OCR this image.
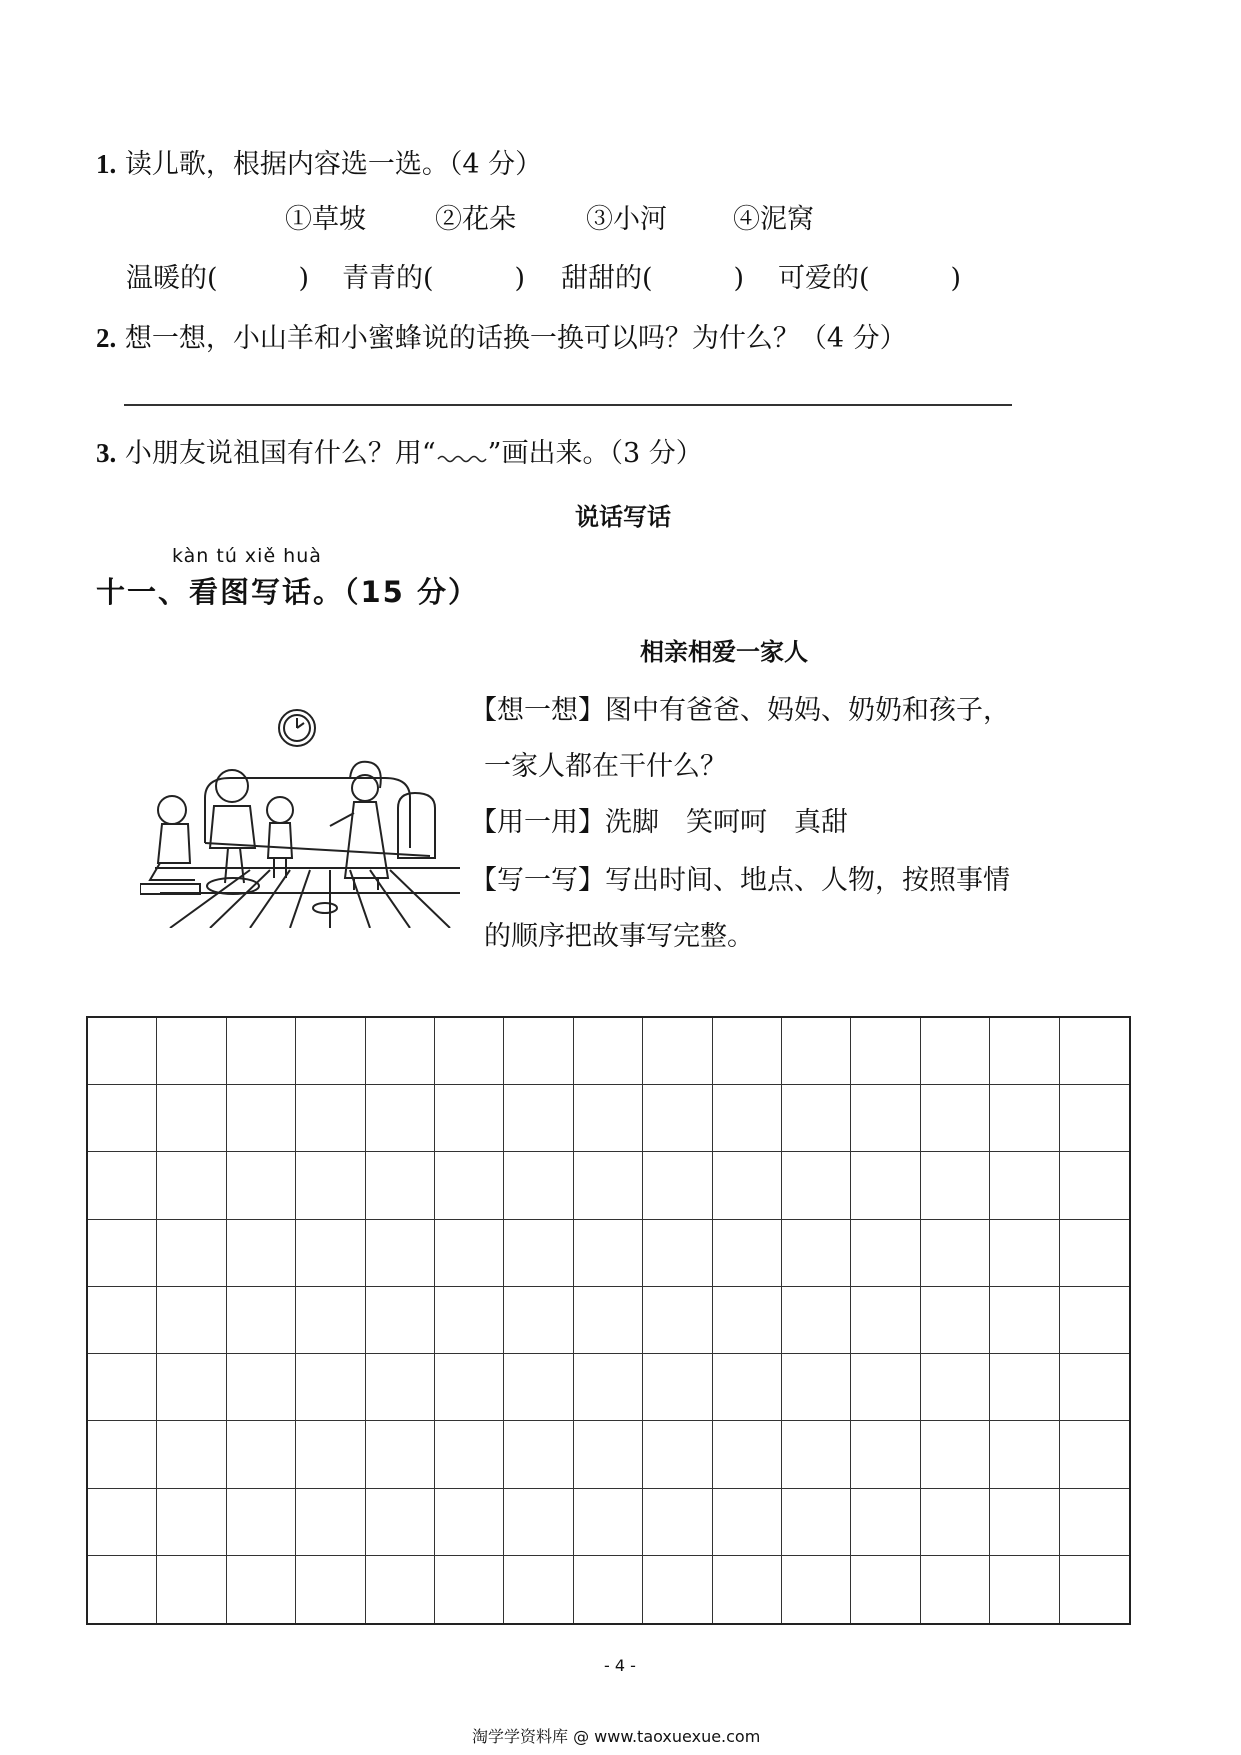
1. 读儿歌，根据内容选一选。（4 分）
①草坡	②花朵	③小河 ④泥窝
温暖的(　　　) 青青的(　　　) 甜甜的(　　　) 可爱的(　　　)
2. 想一想，小山羊和小蜜蜂说的话换一换可以吗？为什么？（4 分）
3. 小朋友说祖国有什么？用“ ”画出来。（3 分）
说话写话
kàn tú xiě huà
十一、看图写话。（15 分）
相亲相爱一家人
【想一想】图中有爸爸、妈妈、奶奶和孩子，
一家人都在干什么？
【用一用】洗脚　笑呵呵　真甜
【写一写】写出时间、地点、人物，按照事情
的顺序把故事写完整。
- 4 -
淘学学资料库 @ www.taoxuexue.com
